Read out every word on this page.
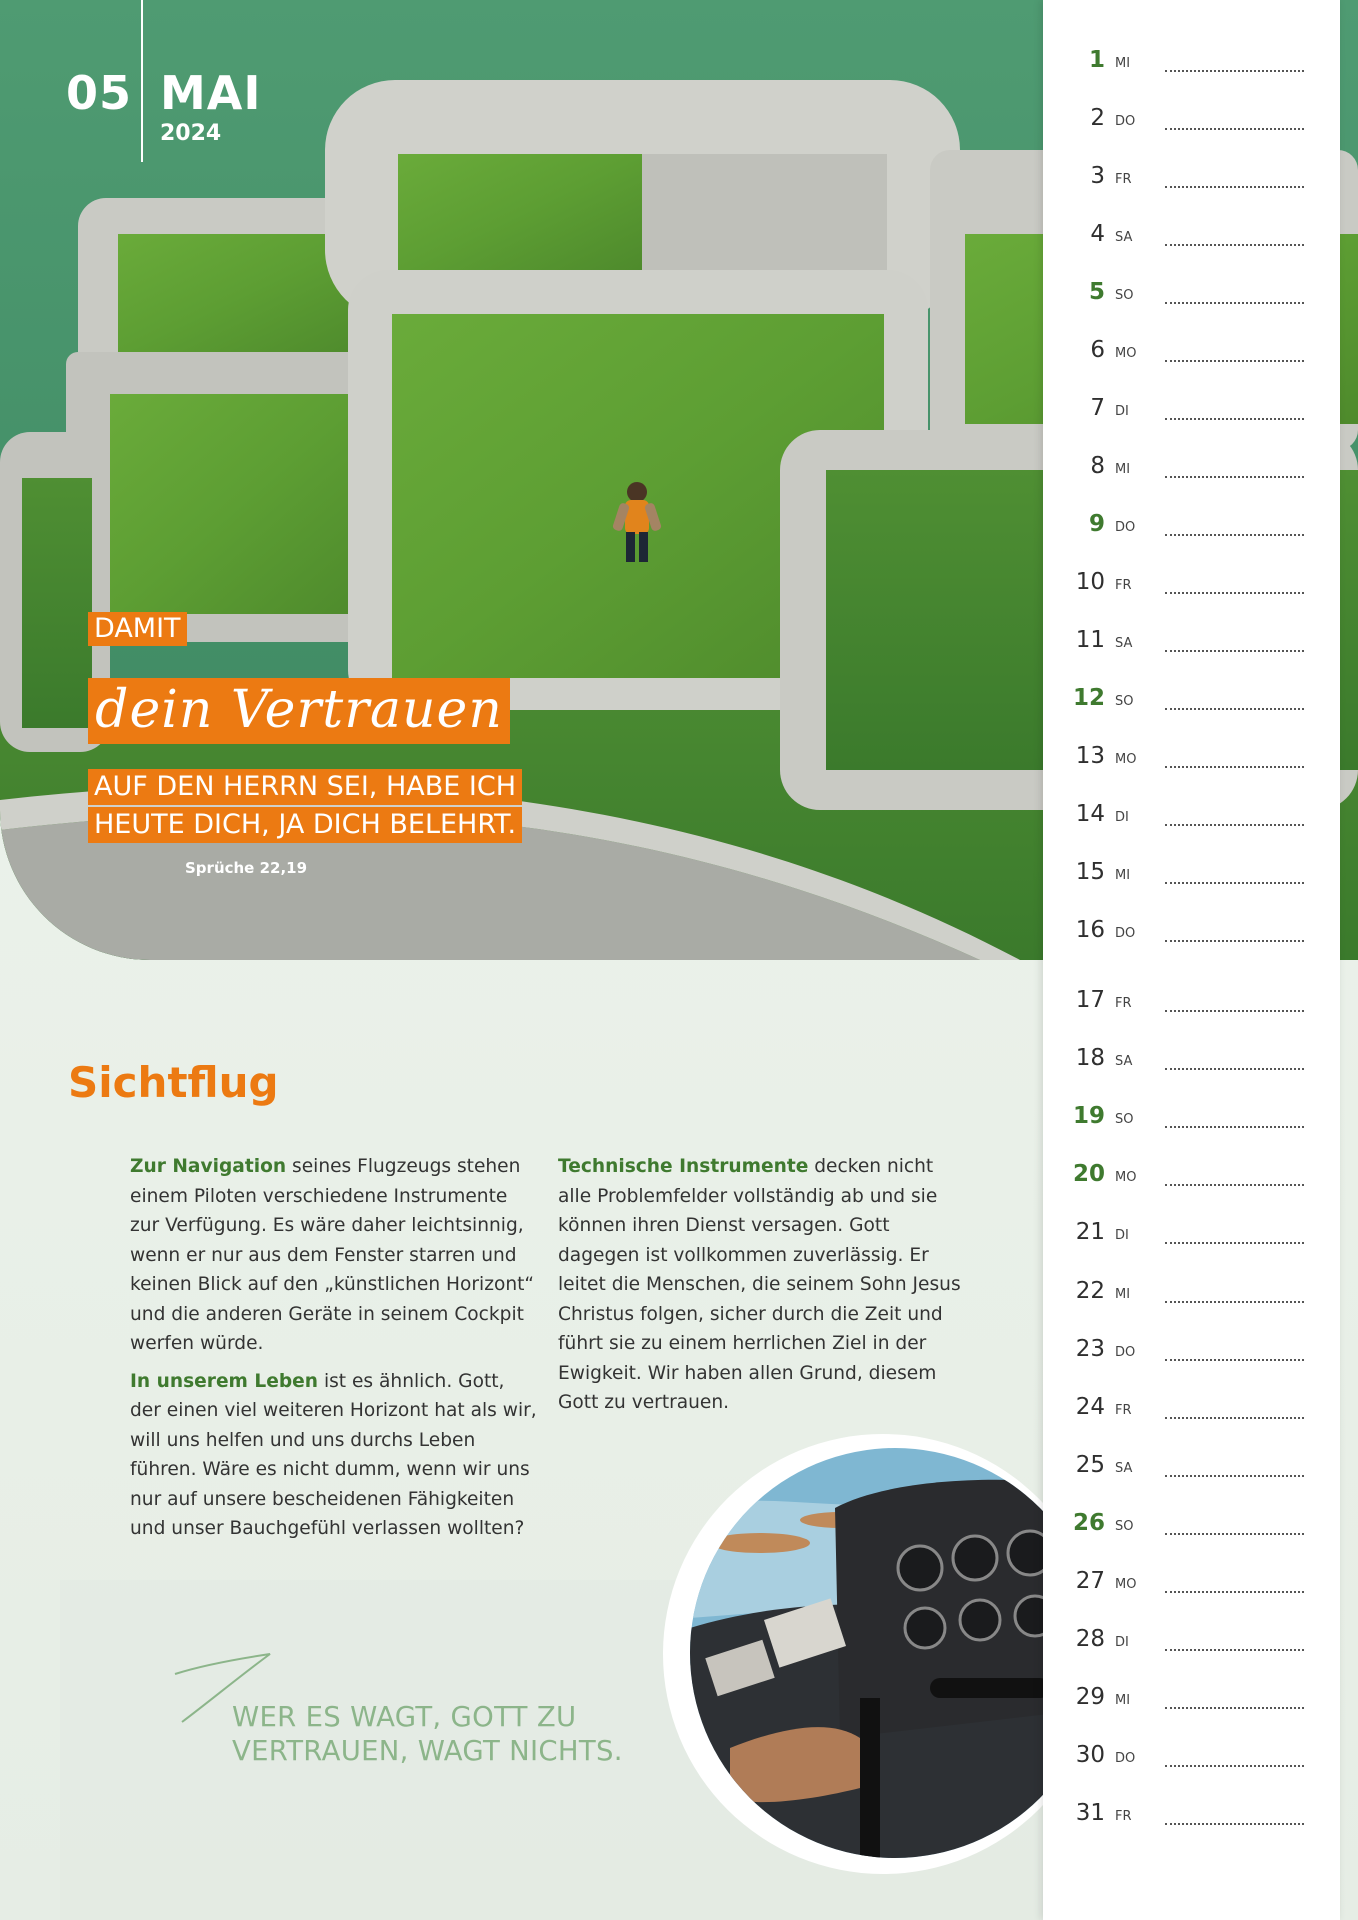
05 MAI
2024
DAMIT
dein Vertrauen
AUF DEN HERRN SEI, HABE ICH
HEUTE DICH, JA DICH BELEHRT.
Sprüche 22,19
Sichtflug

Zur Navigation seines Flugzeugs stehen einem Piloten verschiedene Instrumente zur Verfügung. Es wäre daher leichtsinnig, wenn er nur aus dem Fenster starren und keinen Blick auf den „künstlichen Horizont“ und die anderen Geräte in seinem Cockpit werfen würde.

In unserem Leben ist es ähnlich. Gott, der einen viel weiteren Horizont hat als wir, will uns helfen und uns durchs Leben führen. Wäre es nicht dumm, wenn wir uns nur auf unsere bescheidenen Fähigkeiten und unser Bauchgefühl verlassen wollten?

Technische Instrumente decken nicht alle Problemfelder vollständig ab und sie können ihren Dienst versagen. Gott dagegen ist vollkommen zuverlässig. Er leitet die Menschen, die seinem Sohn Jesus Christus folgen, sicher durch die Zeit und führt sie zu einem herrlichen Ziel in der Ewigkeit. Wir haben allen Grund, diesem Gott zu vertrauen.

WER ES WAGT, GOTT ZU
VERTRAUEN, WAGT NICHTS.
1 MI
2 DO
3 FR
4 SA
5 SO
6 MO
7 DI
8 MI
9 DO
10 FR
11 SA
12 SO
13 MO
14 DI
15 MI
16 DO
17 FR
18 SA
19 SO
20 MO
21 DI
22 MI
23 DO
24 FR
25 SA
26 SO
27 MO
28 DI
29 MI
30 DO
31 FR
